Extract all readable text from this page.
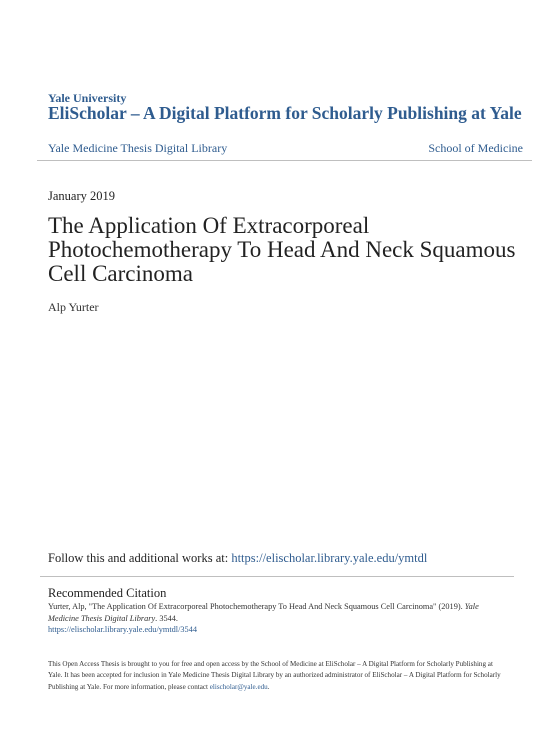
Yale University
EliScholar – A Digital Platform for Scholarly Publishing at Yale
Yale Medicine Thesis Digital Library	School of Medicine
January 2019
The Application Of Extracorporeal Photochemotherapy To Head And Neck Squamous Cell Carcinoma
Alp Yurter
Follow this and additional works at: https://elischolar.library.yale.edu/ymtdl
Recommended Citation
Yurter, Alp, "The Application Of Extracorporeal Photochemotherapy To Head And Neck Squamous Cell Carcinoma" (2019). Yale Medicine Thesis Digital Library. 3544.
https://elischolar.library.yale.edu/ymtdl/3544
This Open Access Thesis is brought to you for free and open access by the School of Medicine at EliScholar – A Digital Platform for Scholarly Publishing at Yale. It has been accepted for inclusion in Yale Medicine Thesis Digital Library by an authorized administrator of EliScholar – A Digital Platform for Scholarly Publishing at Yale. For more information, please contact elischolar@yale.edu.
